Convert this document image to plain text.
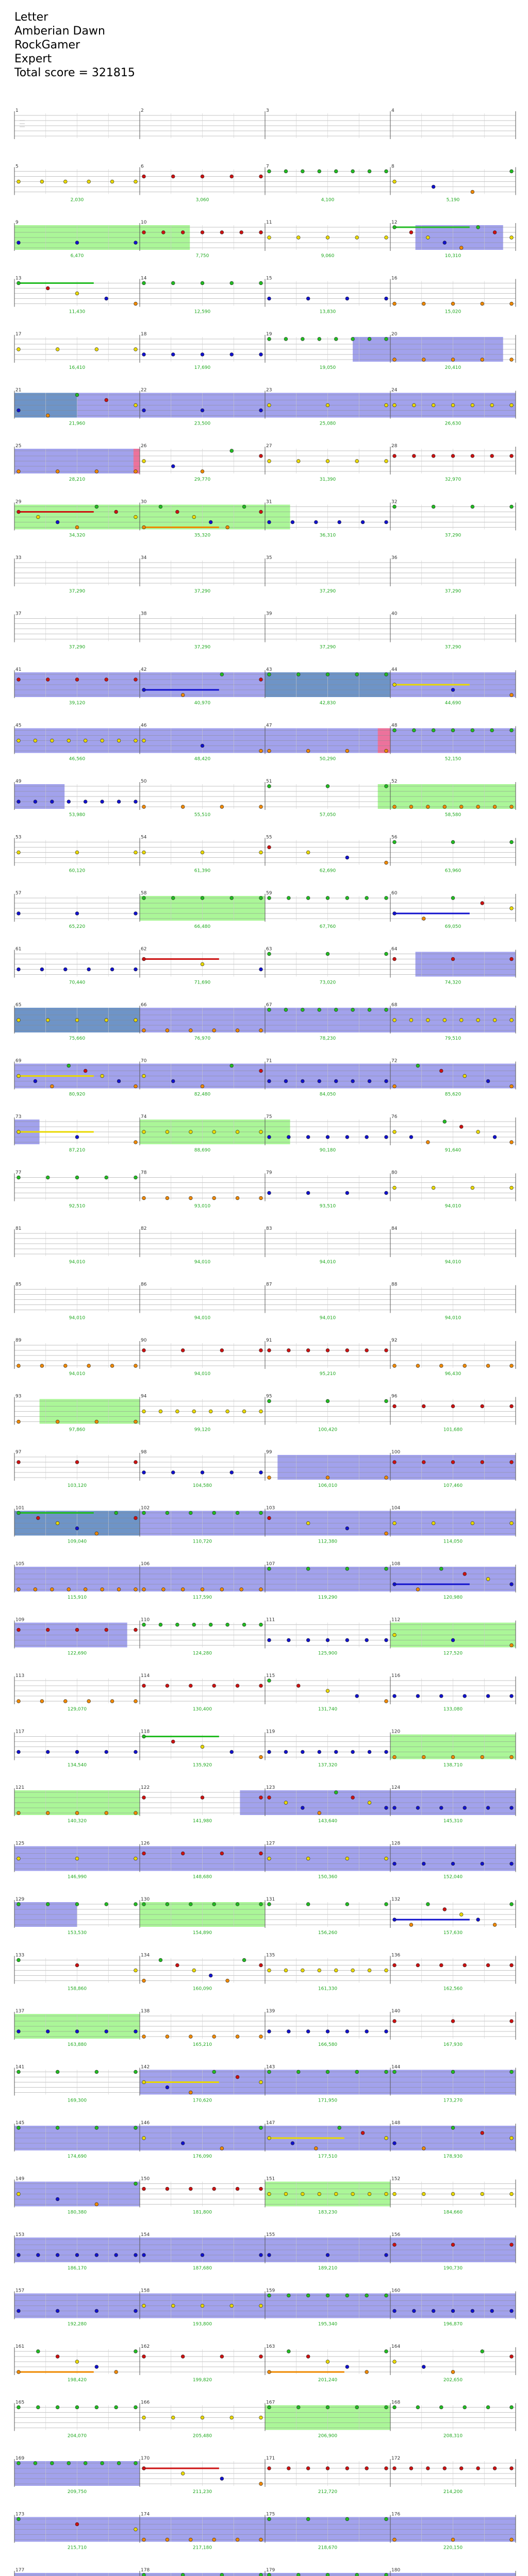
Letter
Amberian Dawn
RockGamer
Expert
Total score = 321815
1	2	3	4
5
2,030
6
3,060
7
4,100
8
5,190
9
6,470
10
7,750
11
9,060
12
10,310
13
11,430
14
12,590
15
13,830
16
15,020
17
16,410
18
17,690
19
19,050
20
20,410
21
21,960
22
23,500
23
25,080
24
26,630
25
28,210
26
29,770
27
31,390
28
32,970
29
34,320
30
35,320
31
36,310
32
37,290
33
37,290
34
37,290
35
37,290
36
37,290
37
37,290
38
37,290
39
37,290
40
37,290
41
39,120
42
40,970
43
42,830
44
44,690
45
46,560
46
48,420
47
50,290
48
52,150
49
53,980
50
55,510
51
57,050
52
58,580
53
60,120
54
61,390
55
62,690
56
63,960
57
65,220
58
66,480
59
67,760
60
69,050
61
70,440
62
71,690
63
73,020
64
74,320
65
75,660
66
76,970
67
78,230
68
79,510
69
80,920
70
82,480
71
84,050
72
85,620
73
87,210
74
88,690
75
90,180
76
91,640
77
92,510
78
93,010
79
93,510
80
94,010
81
94,010
82
94,010
83
94,010
84
94,010
85
94,010
86
94,010
87
94,010
88
94,010
89
94,010
90
94,010
91
95,210
92
96,430
93
97,860
94
99,120
95
100,420
96
101,680
97
103,120
98
104,580
99
106,010
100
107,460
101
109,040
102
110,720
103
112,380
104
114,050
105
115,910
106
117,590
107
119,290
108
120,980
109
122,690
110
124,280
111
125,900
112
127,520
113
129,070
114
130,400
115
131,740
116
133,080
117
134,540
118
135,920
119
137,320
120
138,710
121
140,320
122
141,980
123
143,640
124
145,310
125
146,990
126
148,680
127
150,360
128
152,040
129
153,530
130
154,890
131
156,260
132
157,630
133
158,860
134
160,090
135
161,330
136
162,560
137
163,880
138
165,210
139
166,580
140
167,930
141
169,300
142
170,620
143
171,950
144
173,270
145
174,690
146
176,090
147
177,510
148
178,930
149
180,380
150
181,800
151
183,230
152
184,660
153
186,170
154
187,680
155
189,210
156
190,730
157
192,280
158
193,800
159
195,340
160
196,870
161
198,420
162
199,820
163
201,240
164
202,650
165
204,070
166
205,480
167
206,900
168
208,310
169
209,750
170
211,230
171
212,720
172
214,200
173
215,710
174
217,180
175
218,670
176
220,150
177	178	179	180
